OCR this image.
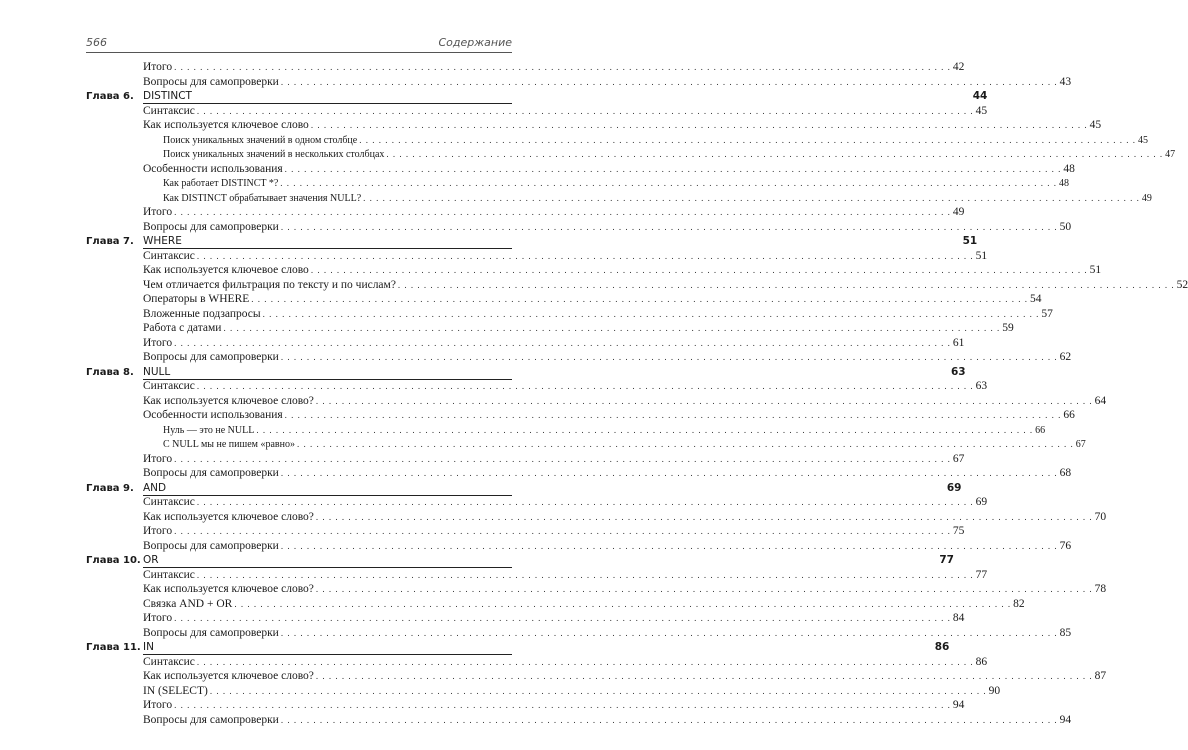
566	Содержание
Итого . . . . . . . . . . . . . . . . . . . . . . . . . . . . . . . . . . . . . . . . . . . . . . . . . . . . . . . . . . . . . . . . . . . . . . . . . . . . . . . . . . . . . . . . . . . . . . . . . . . . . . . . . . . . . . . . . . . . . . . . 42
Вопросы для самопроверки . . . . . . . . . . . . . . . . . . . . . . . . . . . . . . . . . . . . . . . . . . . . . . . . . . . . . . . . . . . . . . . . . . . . . . . . . . . . . . . . . . . . . . . . . . . . . . . . . . . . . . . . . . . . . . . . . . . . . . . . 43
Глава 6. DISTINCT	44
Синтаксис . . . . . . . . . . . . . . . . . . . . . . . . . . . . . . . . . . . . . . . . . . . . . . . . . . . . . . . . . . . . . . . . . . . . . . . . . . . . . . . . . . . . . . . . . . . . . . . . . . . . . . . . . . . . . . . . . . . . . . . . 45
Как используется ключевое слово . . . . . . . . . . . . . . . . . . . . . . . . . . . . . . . . . . . . . . . . . . . . . . . . . . . . . . . . . . . . . . . . . . . . . . . . . . . . . . . . . . . . . . . . . . . . . . . . . . . . . . . . . . . . . . . . . . . . . . . . 45
Поиск уникальных значений в одном столбце . . . . . . . . . . . . . . . . . . . . . . . . . . . . . . . . . . . . . . . . . . . . . . . . . . . . . . . . . . . . . . . . . . . . . . . . . . . . . . . . . . . . . . . . . . . . . . . . . . . . . . . . . . . . . . . . . . . . . . . . 45
Поиск уникальных значений в нескольких столбцах . . . . . . . . . . . . . . . . . . . . . . . . . . . . . . . . . . . . . . . . . . . . . . . . . . . . . . . . . . . . . . . . . . . . . . . . . . . . . . . . . . . . . . . . . . . . . . . . . . . . . . . . . . . . . . . . . . . . . . . . 47
Особенности использования . . . . . . . . . . . . . . . . . . . . . . . . . . . . . . . . . . . . . . . . . . . . . . . . . . . . . . . . . . . . . . . . . . . . . . . . . . . . . . . . . . . . . . . . . . . . . . . . . . . . . . . . . . . . . . . . . . . . . . . . 48
Как работает DISTINCT *? . . . . . . . . . . . . . . . . . . . . . . . . . . . . . . . . . . . . . . . . . . . . . . . . . . . . . . . . . . . . . . . . . . . . . . . . . . . . . . . . . . . . . . . . . . . . . . . . . . . . . . . . . . . . . . . . . . . . . . . . 48
Как DISTINCT обрабатывает значения NULL? . . . . . . . . . . . . . . . . . . . . . . . . . . . . . . . . . . . . . . . . . . . . . . . . . . . . . . . . . . . . . . . . . . . . . . . . . . . . . . . . . . . . . . . . . . . . . . . . . . . . . . . . . . . . . . . . . . . . . . . . 49
Итого . . . . . . . . . . . . . . . . . . . . . . . . . . . . . . . . . . . . . . . . . . . . . . . . . . . . . . . . . . . . . . . . . . . . . . . . . . . . . . . . . . . . . . . . . . . . . . . . . . . . . . . . . . . . . . . . . . . . . . . . 49
Вопросы для самопроверки . . . . . . . . . . . . . . . . . . . . . . . . . . . . . . . . . . . . . . . . . . . . . . . . . . . . . . . . . . . . . . . . . . . . . . . . . . . . . . . . . . . . . . . . . . . . . . . . . . . . . . . . . . . . . . . . . . . . . . . . 50
Глава 7. WHERE	51
Синтаксис . . . . . . . . . . . . . . . . . . . . . . . . . . . . . . . . . . . . . . . . . . . . . . . . . . . . . . . . . . . . . . . . . . . . . . . . . . . . . . . . . . . . . . . . . . . . . . . . . . . . . . . . . . . . . . . . . . . . . . . . 51
Как используется ключевое слово . . . . . . . . . . . . . . . . . . . . . . . . . . . . . . . . . . . . . . . . . . . . . . . . . . . . . . . . . . . . . . . . . . . . . . . . . . . . . . . . . . . . . . . . . . . . . . . . . . . . . . . . . . . . . . . . . . . . . . . . 51
Чем отличается фильтрация по тексту и по числам? . . . . . . . . . . . . . . . . . . . . . . . . . . . . . . . . . . . . . . . . . . . . . . . . . . . . . . . . . . . . . . . . . . . . . . . . . . . . . . . . . . . . . . . . . . . . . . . . . . . . . . . . . . . . . . . . . . . . . . . . 52
Операторы в WHERE . . . . . . . . . . . . . . . . . . . . . . . . . . . . . . . . . . . . . . . . . . . . . . . . . . . . . . . . . . . . . . . . . . . . . . . . . . . . . . . . . . . . . . . . . . . . . . . . . . . . . . . . . . . . . . . . . . . . . . . . 54
Вложенные подзапросы . . . . . . . . . . . . . . . . . . . . . . . . . . . . . . . . . . . . . . . . . . . . . . . . . . . . . . . . . . . . . . . . . . . . . . . . . . . . . . . . . . . . . . . . . . . . . . . . . . . . . . . . . . . . . . . . . . . . . . . . 57
Работа с датами . . . . . . . . . . . . . . . . . . . . . . . . . . . . . . . . . . . . . . . . . . . . . . . . . . . . . . . . . . . . . . . . . . . . . . . . . . . . . . . . . . . . . . . . . . . . . . . . . . . . . . . . . . . . . . . . . . . . . . . . 59
Итого . . . . . . . . . . . . . . . . . . . . . . . . . . . . . . . . . . . . . . . . . . . . . . . . . . . . . . . . . . . . . . . . . . . . . . . . . . . . . . . . . . . . . . . . . . . . . . . . . . . . . . . . . . . . . . . . . . . . . . . . 61
Вопросы для самопроверки . . . . . . . . . . . . . . . . . . . . . . . . . . . . . . . . . . . . . . . . . . . . . . . . . . . . . . . . . . . . . . . . . . . . . . . . . . . . . . . . . . . . . . . . . . . . . . . . . . . . . . . . . . . . . . . . . . . . . . . . 62
Глава 8. NULL	63
Синтаксис . . . . . . . . . . . . . . . . . . . . . . . . . . . . . . . . . . . . . . . . . . . . . . . . . . . . . . . . . . . . . . . . . . . . . . . . . . . . . . . . . . . . . . . . . . . . . . . . . . . . . . . . . . . . . . . . . . . . . . . . 63
Как используется ключевое слово? . . . . . . . . . . . . . . . . . . . . . . . . . . . . . . . . . . . . . . . . . . . . . . . . . . . . . . . . . . . . . . . . . . . . . . . . . . . . . . . . . . . . . . . . . . . . . . . . . . . . . . . . . . . . . . . . . . . . . . . . 64
Особенности использования . . . . . . . . . . . . . . . . . . . . . . . . . . . . . . . . . . . . . . . . . . . . . . . . . . . . . . . . . . . . . . . . . . . . . . . . . . . . . . . . . . . . . . . . . . . . . . . . . . . . . . . . . . . . . . . . . . . . . . . . 66
Нуль — это не NULL . . . . . . . . . . . . . . . . . . . . . . . . . . . . . . . . . . . . . . . . . . . . . . . . . . . . . . . . . . . . . . . . . . . . . . . . . . . . . . . . . . . . . . . . . . . . . . . . . . . . . . . . . . . . . . . . . . . . . . . . 66
С NULL мы не пишем «равно» . . . . . . . . . . . . . . . . . . . . . . . . . . . . . . . . . . . . . . . . . . . . . . . . . . . . . . . . . . . . . . . . . . . . . . . . . . . . . . . . . . . . . . . . . . . . . . . . . . . . . . . . . . . . . . . . . . . . . . . . 67
Итого . . . . . . . . . . . . . . . . . . . . . . . . . . . . . . . . . . . . . . . . . . . . . . . . . . . . . . . . . . . . . . . . . . . . . . . . . . . . . . . . . . . . . . . . . . . . . . . . . . . . . . . . . . . . . . . . . . . . . . . . 67
Вопросы для самопроверки . . . . . . . . . . . . . . . . . . . . . . . . . . . . . . . . . . . . . . . . . . . . . . . . . . . . . . . . . . . . . . . . . . . . . . . . . . . . . . . . . . . . . . . . . . . . . . . . . . . . . . . . . . . . . . . . . . . . . . . . 68
Глава 9. AND	69
Синтаксис . . . . . . . . . . . . . . . . . . . . . . . . . . . . . . . . . . . . . . . . . . . . . . . . . . . . . . . . . . . . . . . . . . . . . . . . . . . . . . . . . . . . . . . . . . . . . . . . . . . . . . . . . . . . . . . . . . . . . . . . 69
Как используется ключевое слово? . . . . . . . . . . . . . . . . . . . . . . . . . . . . . . . . . . . . . . . . . . . . . . . . . . . . . . . . . . . . . . . . . . . . . . . . . . . . . . . . . . . . . . . . . . . . . . . . . . . . . . . . . . . . . . . . . . . . . . . . 70
Итого . . . . . . . . . . . . . . . . . . . . . . . . . . . . . . . . . . . . . . . . . . . . . . . . . . . . . . . . . . . . . . . . . . . . . . . . . . . . . . . . . . . . . . . . . . . . . . . . . . . . . . . . . . . . . . . . . . . . . . . . 75
Вопросы для самопроверки . . . . . . . . . . . . . . . . . . . . . . . . . . . . . . . . . . . . . . . . . . . . . . . . . . . . . . . . . . . . . . . . . . . . . . . . . . . . . . . . . . . . . . . . . . . . . . . . . . . . . . . . . . . . . . . . . . . . . . . . 76
Глава 10. OR	77
Синтаксис . . . . . . . . . . . . . . . . . . . . . . . . . . . . . . . . . . . . . . . . . . . . . . . . . . . . . . . . . . . . . . . . . . . . . . . . . . . . . . . . . . . . . . . . . . . . . . . . . . . . . . . . . . . . . . . . . . . . . . . . 77
Как используется ключевое слово? . . . . . . . . . . . . . . . . . . . . . . . . . . . . . . . . . . . . . . . . . . . . . . . . . . . . . . . . . . . . . . . . . . . . . . . . . . . . . . . . . . . . . . . . . . . . . . . . . . . . . . . . . . . . . . . . . . . . . . . . 78
Связка AND + OR . . . . . . . . . . . . . . . . . . . . . . . . . . . . . . . . . . . . . . . . . . . . . . . . . . . . . . . . . . . . . . . . . . . . . . . . . . . . . . . . . . . . . . . . . . . . . . . . . . . . . . . . . . . . . . . . . . . . . . . . 82
Итого . . . . . . . . . . . . . . . . . . . . . . . . . . . . . . . . . . . . . . . . . . . . . . . . . . . . . . . . . . . . . . . . . . . . . . . . . . . . . . . . . . . . . . . . . . . . . . . . . . . . . . . . . . . . . . . . . . . . . . . . 84
Вопросы для самопроверки . . . . . . . . . . . . . . . . . . . . . . . . . . . . . . . . . . . . . . . . . . . . . . . . . . . . . . . . . . . . . . . . . . . . . . . . . . . . . . . . . . . . . . . . . . . . . . . . . . . . . . . . . . . . . . . . . . . . . . . . 85
Глава 11. IN	86
Синтаксис . . . . . . . . . . . . . . . . . . . . . . . . . . . . . . . . . . . . . . . . . . . . . . . . . . . . . . . . . . . . . . . . . . . . . . . . . . . . . . . . . . . . . . . . . . . . . . . . . . . . . . . . . . . . . . . . . . . . . . . . 86
Как используется ключевое слово? . . . . . . . . . . . . . . . . . . . . . . . . . . . . . . . . . . . . . . . . . . . . . . . . . . . . . . . . . . . . . . . . . . . . . . . . . . . . . . . . . . . . . . . . . . . . . . . . . . . . . . . . . . . . . . . . . . . . . . . . 87
IN (SELECT) . . . . . . . . . . . . . . . . . . . . . . . . . . . . . . . . . . . . . . . . . . . . . . . . . . . . . . . . . . . . . . . . . . . . . . . . . . . . . . . . . . . . . . . . . . . . . . . . . . . . . . . . . . . . . . . . . . . . . . . . 90
Итого . . . . . . . . . . . . . . . . . . . . . . . . . . . . . . . . . . . . . . . . . . . . . . . . . . . . . . . . . . . . . . . . . . . . . . . . . . . . . . . . . . . . . . . . . . . . . . . . . . . . . . . . . . . . . . . . . . . . . . . . 94
Вопросы для самопроверки . . . . . . . . . . . . . . . . . . . . . . . . . . . . . . . . . . . . . . . . . . . . . . . . . . . . . . . . . . . . . . . . . . . . . . . . . . . . . . . . . . . . . . . . . . . . . . . . . . . . . . . . . . . . . . . . . . . . . . . . 94
